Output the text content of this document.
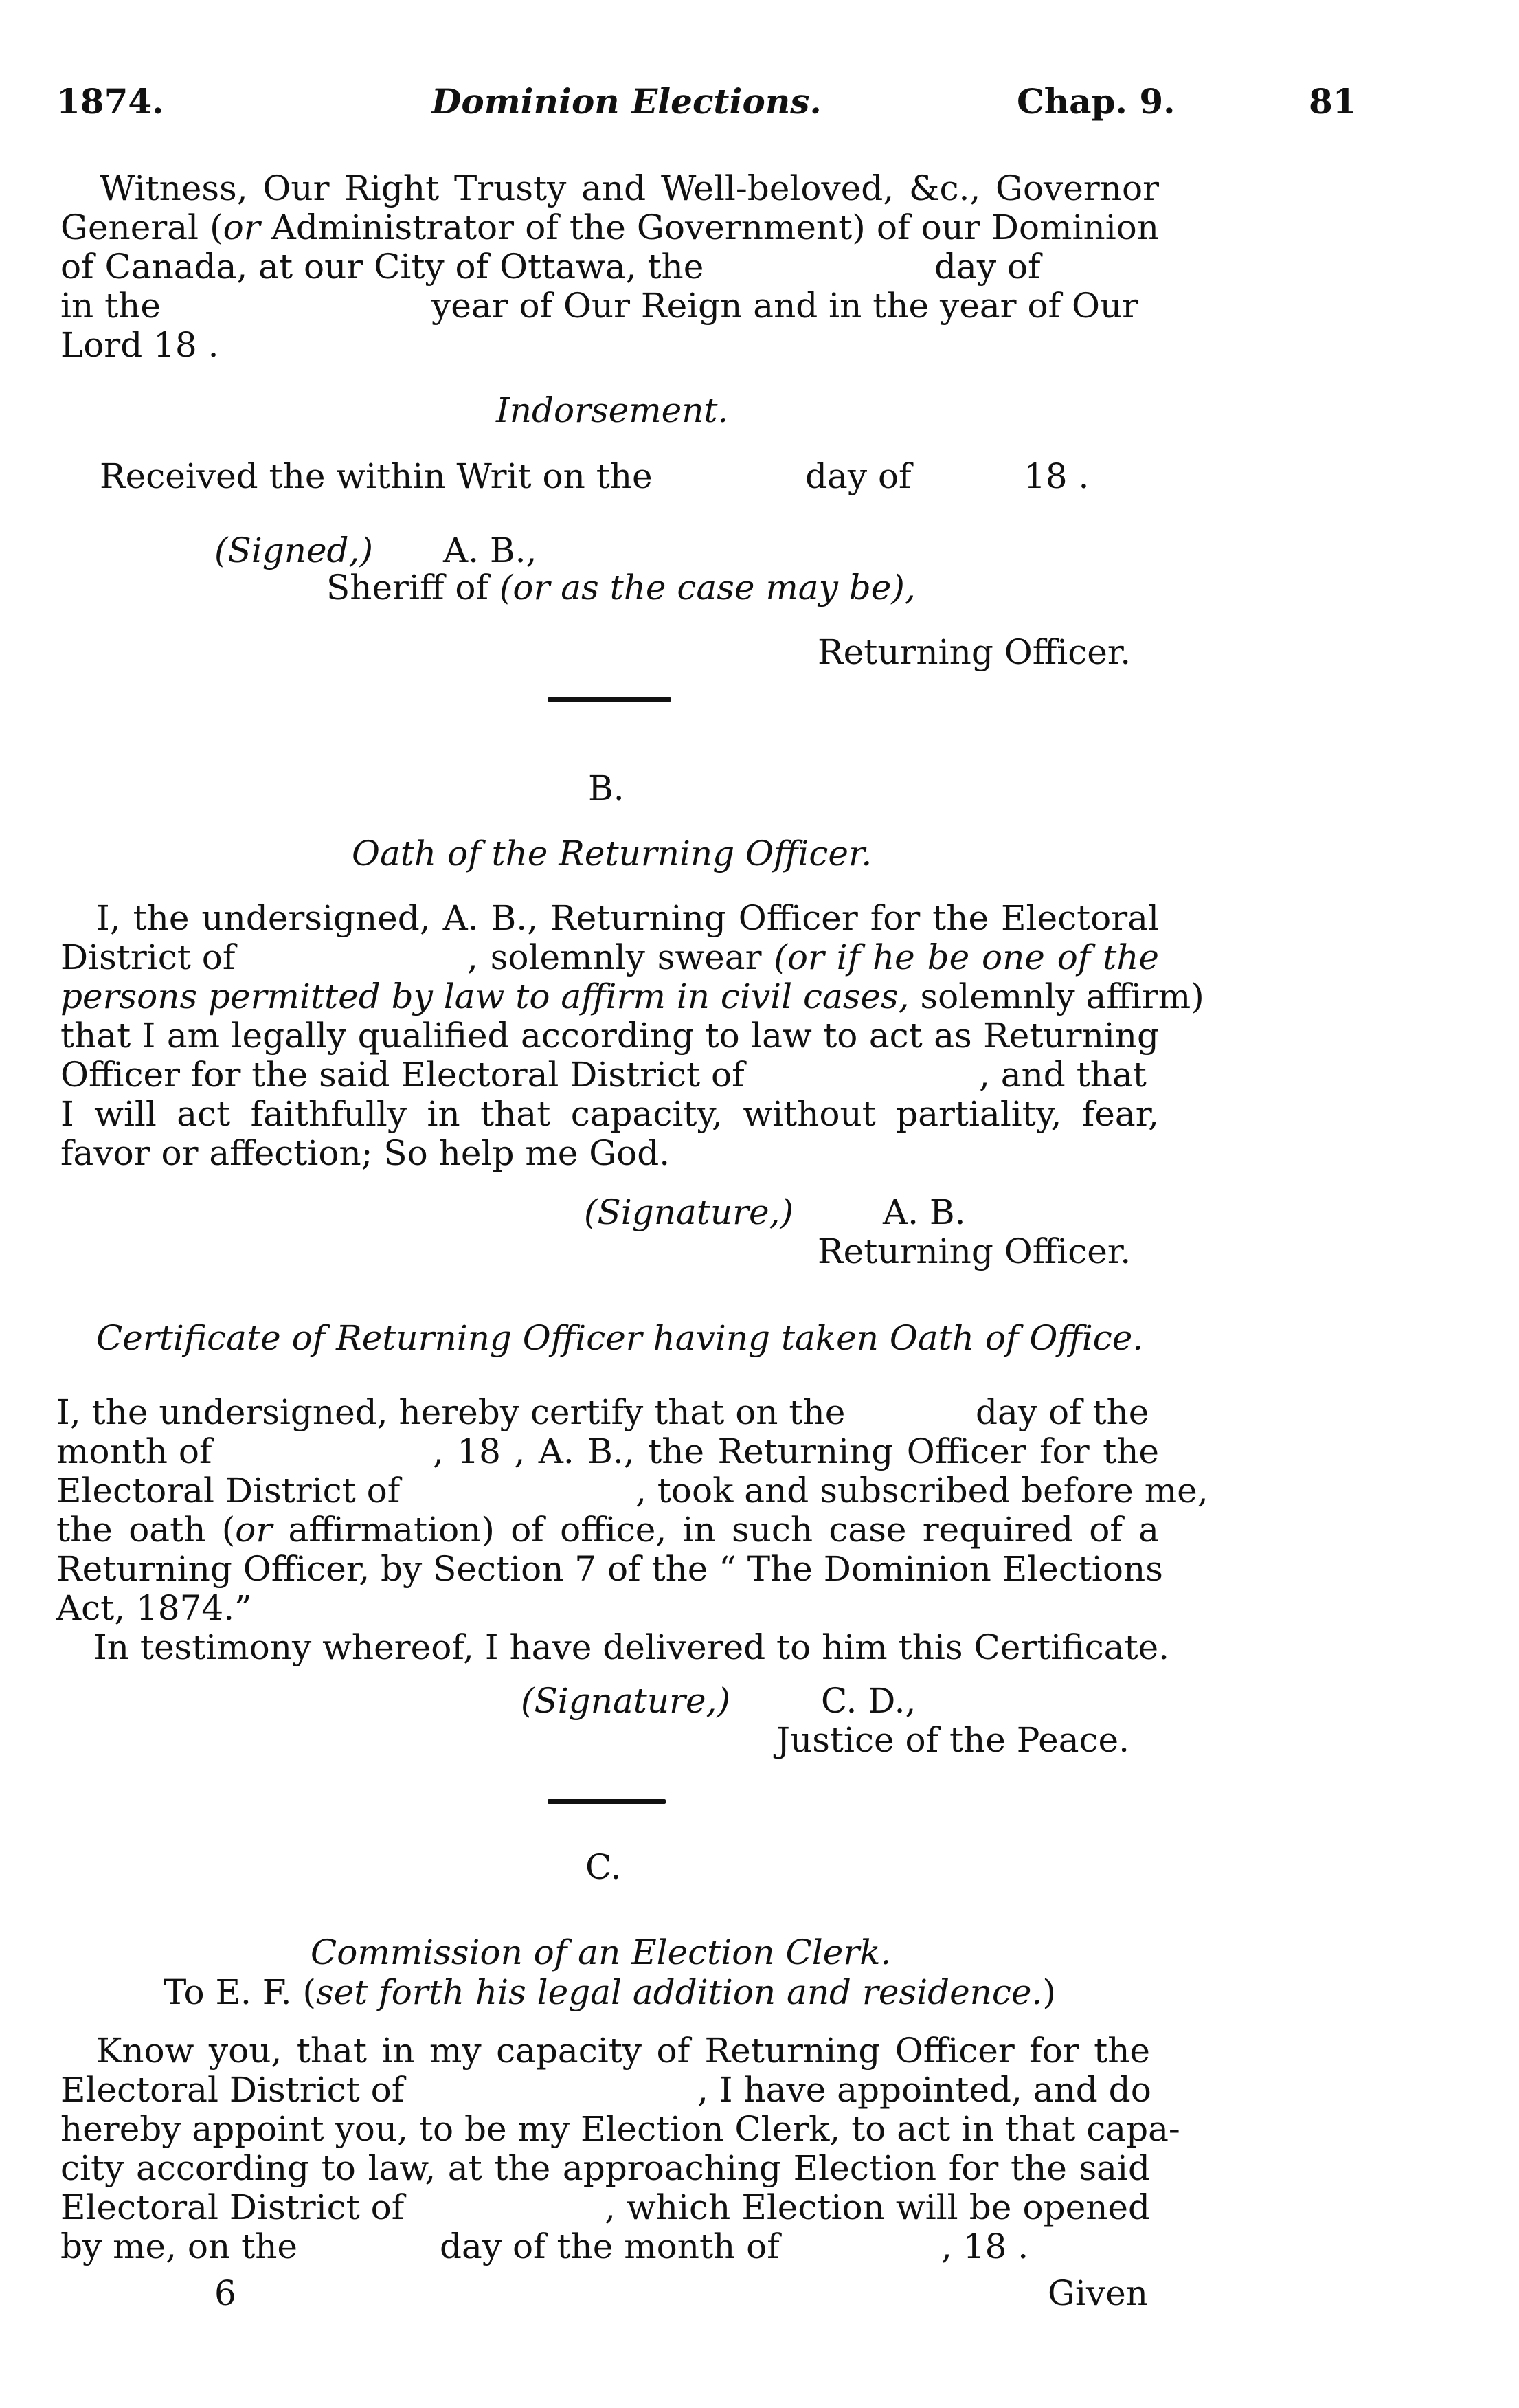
1874.	Dominion Elections.	Chap. 9.	81
Witness, Our Right Trusty and Well-beloved, &c., Governor
General (or Administrator of the Government) of our Dominion
of Canada, at our City of Ottawa, the	day of
in the	year of Our Reign and in the year of Our
Lord 18 .
Indorsement.
Received the within Writ on the	day of	18 .
(Signed,) A. B.,
Sheriff of (or as the case may be),
Returning Officer.
B.
Oath of the Returning Officer.
I, the undersigned, A. B., Returning Officer for the Electoral
District of	, solemnly swear (or if he be one of the
persons permitted by law to affirm in civil cases, solemnly affirm)
that I am legally qualified according to law to act as Returning
Officer for the said Electoral District of	, and that
I will act faithfully in that capacity, without partiality, fear,
favor or affection; So help me God.
(Signature,)	A. B.
Returning Officer.
Certificate of Returning Officer having taken Oath of Office.
I, the undersigned, hereby certify that on the	day of the
month of	, 18 , A. B., the Returning Officer for the
Electoral District of	, took and subscribed before me,
the oath (or affirmation) of office, in such case required of a
Returning Officer, by Section 7 of the “ The Dominion Elections
Act, 1874.”
In testimony whereof, I have delivered to him this Certificate.
(Signature,)	C. D.,
Justice of the Peace.
C.
Commission of an Election Clerk.
To E. F. (set forth his legal addition and residence.)
Know you, that in my capacity of Returning Officer for the
Electoral District of	, I have appointed, and do
hereby appoint you, to be my Election Clerk, to act in that capa-
city according to law, at the approaching Election for the said
Electoral District of	, which Election will be opened
by me, on the	day of the month of	, 18 .
6	Given
